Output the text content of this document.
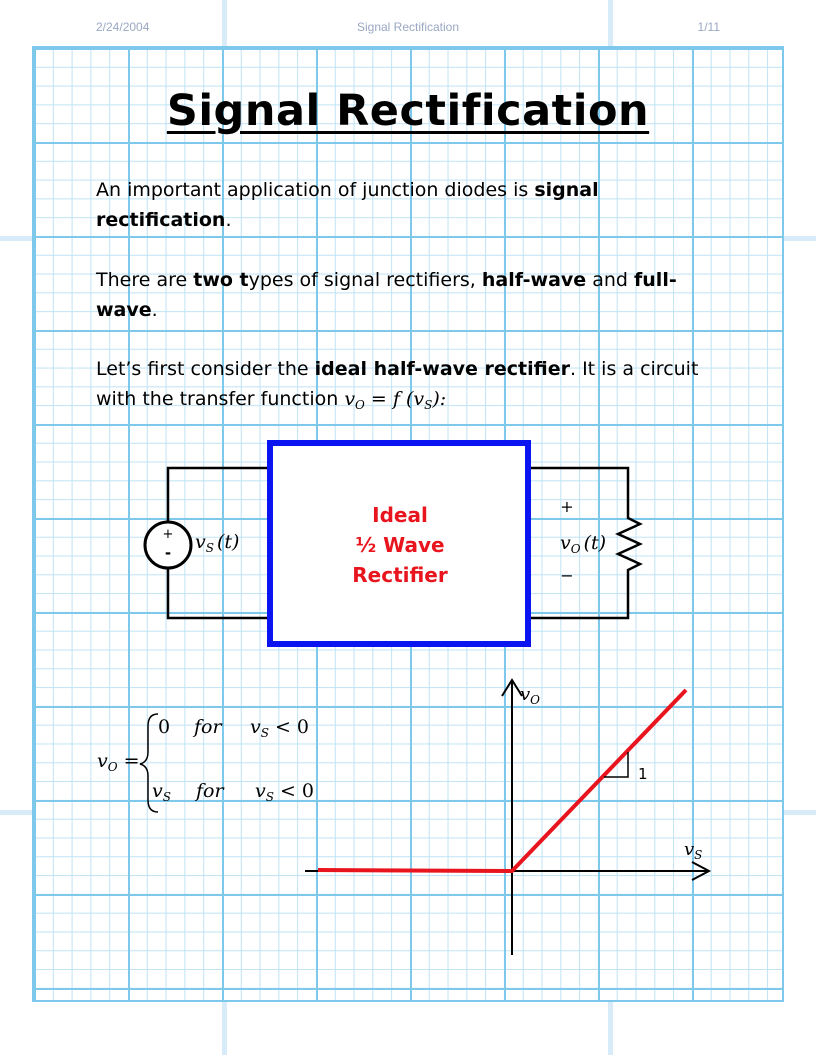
2/24/2004	Signal Rectification	1/11
Signal Rectification
An important application of junction diodes is signal rectification.
There are two types of signal rectifiers, half-wave and full-wave.
Let’s first consider the ideal half-wave rectifier. It is a circuit with the transfer function $v_O = f$ $(v_S)$:
+
- $v_S$ (t)
+
$v_O$ (t)
−
$v_O$ =
0 for $v_S < 0$
$v_S$ for $v_S < 0$
$v_O$
$v_S$
1
Ideal
½ Wave
Rectifier
